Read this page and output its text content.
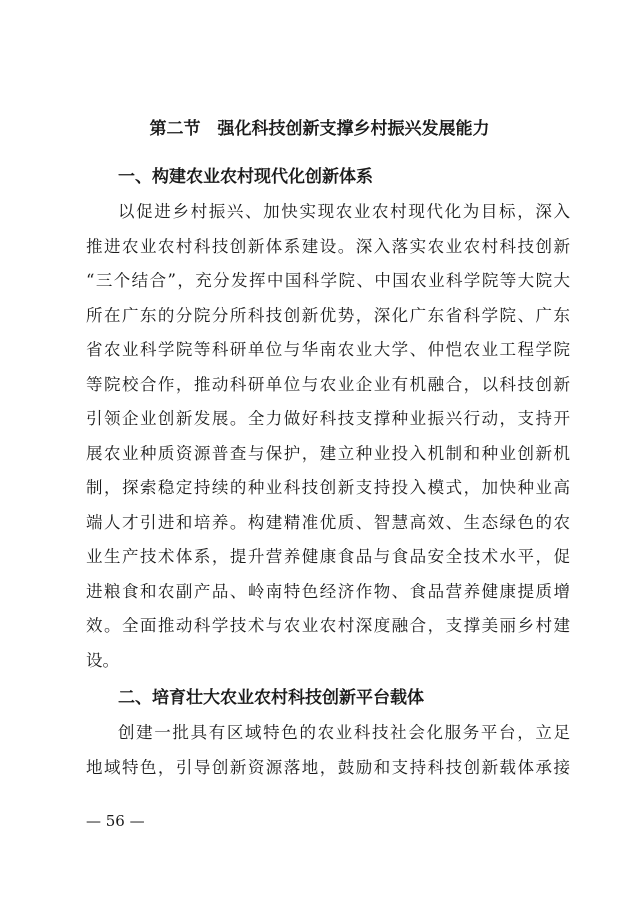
第二节　强化科技创新支撑乡村振兴发展能力
一、构建农业农村现代化创新体系
以促进乡村振兴、加快实现农业农村现代化为目标，深入
推进农业农村科技创新体系建设。深入落实农业农村科技创新
“三个结合”，充分发挥中国科学院、中国农业科学院等大院大
所在广东的分院分所科技创新优势，深化广东省科学院、广东
省农业科学院等科研单位与华南农业大学、仲恺农业工程学院
等院校合作，推动科研单位与农业企业有机融合，以科技创新
引领企业创新发展。全力做好科技支撑种业振兴行动，支持开
展农业种质资源普查与保护，建立种业投入机制和种业创新机
制，探索稳定持续的种业科技创新支持投入模式，加快种业高
端人才引进和培养。构建精准优质、智慧高效、生态绿色的农
业生产技术体系，提升营养健康食品与食品安全技术水平，促
进粮食和农副产品、岭南特色经济作物、食品营养健康提质增
效。全面推动科学技术与农业农村深度融合，支撑美丽乡村建
设。
二、培育壮大农业农村科技创新平台载体
创建一批具有区域特色的农业科技社会化服务平台，立足
地域特色，引导创新资源落地，鼓励和支持科技创新载体承接
— 56 —
